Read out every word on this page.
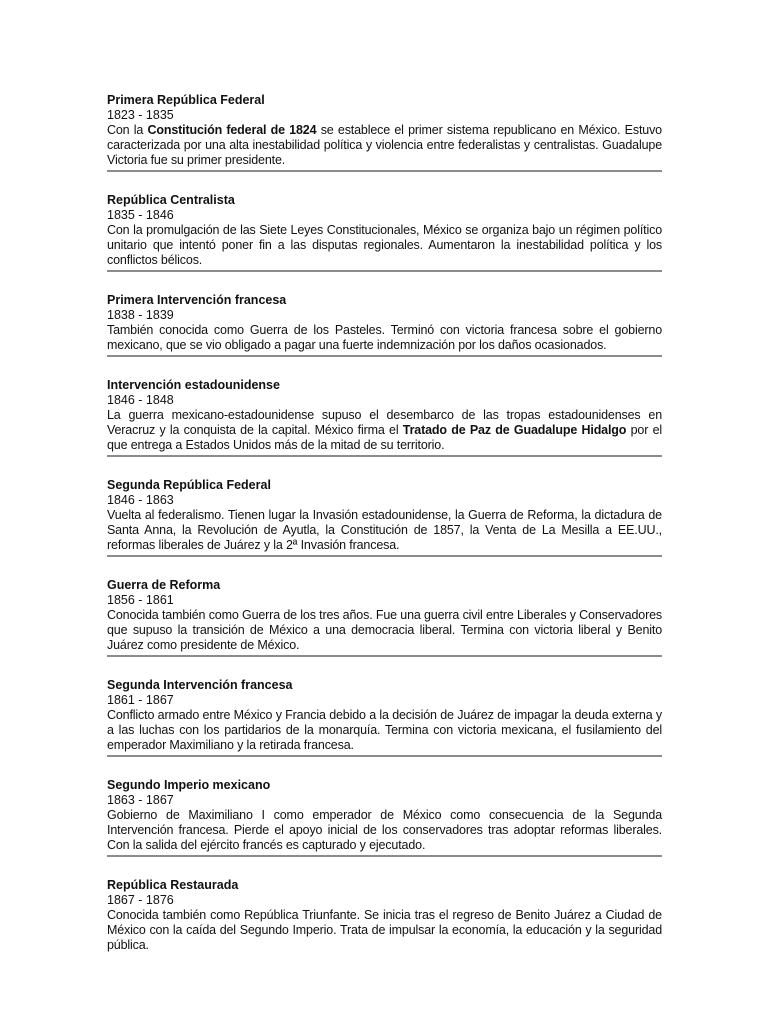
Primera República Federal
1823 - 1835

Con la Constitución federal de 1824 se establece el primer sistema republicano en México. Estuvo caracterizada por una alta inestabilidad política y violencia entre federalistas y centralistas. Guadalupe Victoria fue su primer presidente.

República Centralista
1835 - 1846

Con la promulgación de las Siete Leyes Constitucionales, México se organiza bajo un régimen político unitario que intentó poner fin a las disputas regionales. Aumentaron la inestabilidad política y los conflictos bélicos.

Primera Intervención francesa
1838 - 1839

También conocida como Guerra de los Pasteles. Terminó con victoria francesa sobre el gobierno mexicano, que se vio obligado a pagar una fuerte indemnización por los daños ocasionados.

Intervención estadounidense
1846 - 1848

La guerra mexicano-estadounidense supuso el desembarco de las tropas estadounidenses en Veracruz y la conquista de la capital. México firma el Tratado de Paz de Guadalupe Hidalgo por el que entrega a Estados Unidos más de la mitad de su territorio.

Segunda República Federal
1846 - 1863

Vuelta al federalismo. Tienen lugar la Invasión estadounidense, la Guerra de Reforma, la dictadura de Santa Anna, la Revolución de Ayutla, la Constitución de 1857, la Venta de La Mesilla a EE.UU., reformas liberales de Juárez y la 2ª Invasión francesa.

Guerra de Reforma
1856 - 1861

Conocida también como Guerra de los tres años. Fue una guerra civil entre Liberales y Conservadores que supuso la transición de México a una democracia liberal. Termina con victoria liberal y Benito Juárez como presidente de México.

Segunda Intervención francesa
1861 - 1867

Conflicto armado entre México y Francia debido a la decisión de Juárez de impagar la deuda externa y a las luchas con los partidarios de la monarquía. Termina con victoria mexicana, el fusilamiento del emperador Maximiliano y la retirada francesa.

Segundo Imperio mexicano
1863 - 1867

Gobierno de Maximiliano I como emperador de México como consecuencia de la Segunda Intervención francesa. Pierde el apoyo inicial de los conservadores tras adoptar reformas liberales. Con la salida del ejército francés es capturado y ejecutado.

República Restaurada
1867 - 1876

Conocida también como República Triunfante. Se inicia tras el regreso de Benito Juárez a Ciudad de México con la caída del Segundo Imperio. Trata de impulsar la economía, la educación y la seguridad pública.
